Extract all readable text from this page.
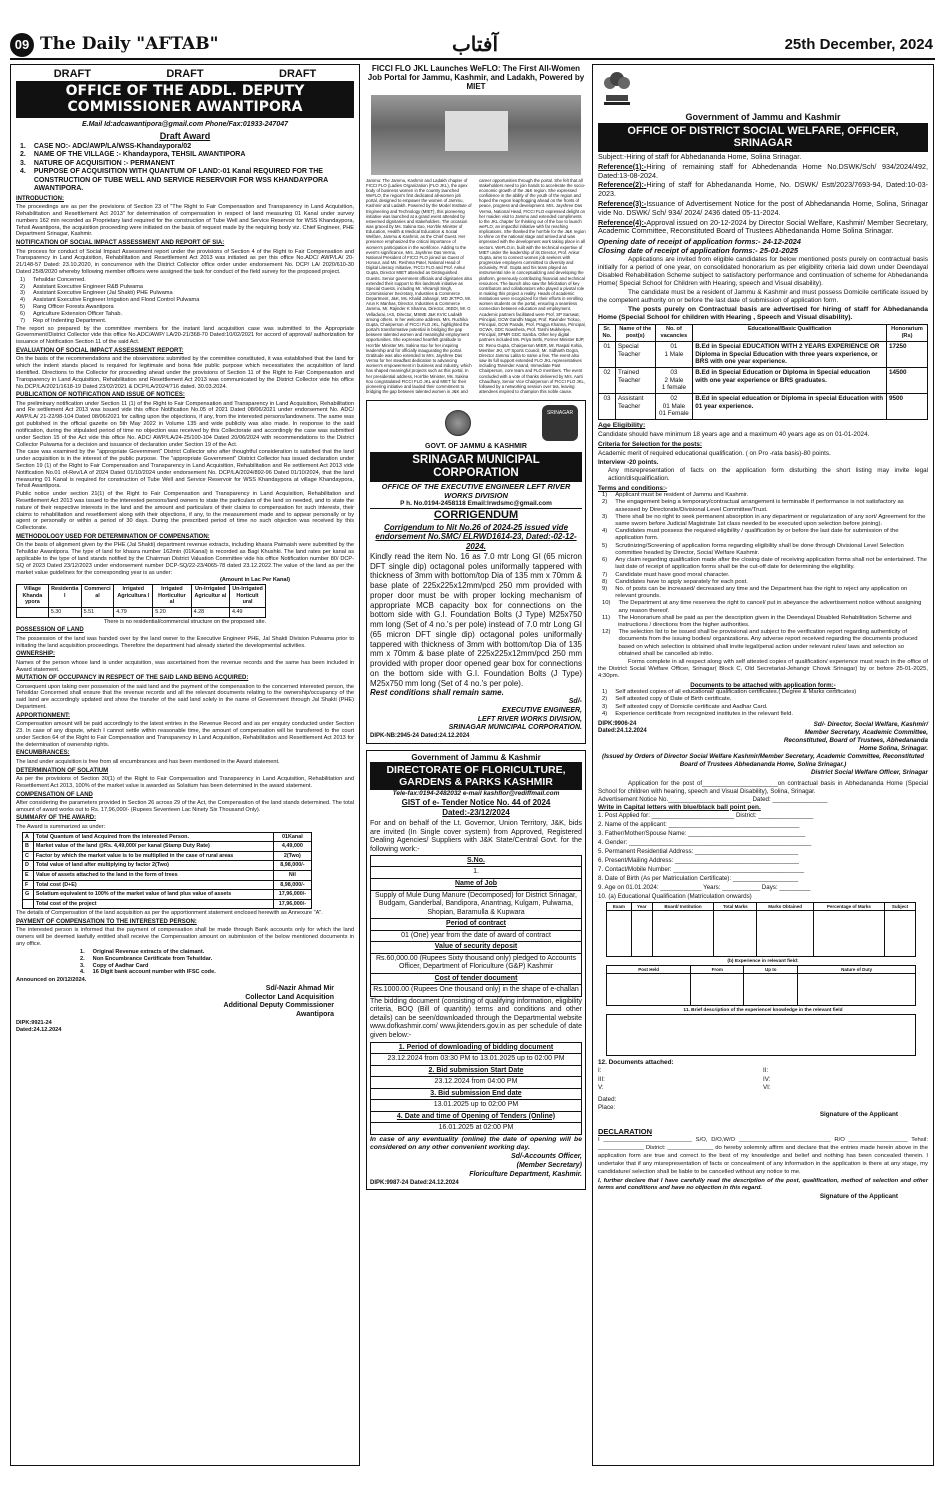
09 The Daily "AFTAB"	آفتاب	25th December, 2024
DRAFT	DRAFT	DRAFT
OFFICE OF THE ADDL. DEPUTY COMMISSIONER AWANTIPORA
E.Mail Id:adcawantipora@gmail.com Phone/Fax:01933-247047
Draft Award
1. CASE NO:- ADC/AWP/LA/WSS-Khandaypora/02
2. NAME OF THE VILLAGE :- Khandaypora, TEHSIL AWANTIPORA
3. NATURE OF ACQUISITION :- PERMANENT
4. PURPOSE OF ACQUISITION WITH QUANTUM OF LAND:-01 Kanal REQUIRED FOR THE CONSTRUCTION OF TUBE WELL AND SERVICE RESERVOIR FOR WSS KHANDAYPORA AWANTIPORA.
INTRODUCTION:

The proceedings are as per the provisions of Section 23 of "The Right to Fair Compensation and Transparency in Land Acquisition, Rehabilitation and Resettlement Act 2013" for determination of compensation in respect of land measuring 01 Kanal under survey numbers 162 min recorded as Proprietary land required for the construction of Tube Well and Service Reservoir for WSS Khandaypora, Tehsil Awantipora, the acquisition proceeding were initiated on the basis of request made by the requiring body viz. Chief Engineer, PHE Department Srinagar, Kashmir.

NOTIFICATION OF SOCIAL IMPACT ASSESSMENT AND REPORT OF SIA:

The process for conduct of Social Impact Assessment report under the provisions of Section 4 of the Right to Fair Compensation and Transparency in Land Acquisition, Rehabilitation and Resettlement Act 2013 was initiated as per this office No.ADC/ AWP/LA/ 20-21/148-57 Dated: 23.10.2020, in concurrence with the District Collector office order under endorsement No. DCP/ LA/ 2020/610-30 Dated 25/8/2020 whereby following member officers were assigned the task for conduct of the field survey for the proposed project.

1) Tehsildar Concerned.
2) Assistant Executive Engineer R&B Pulwama
3) Assistant Executive Engineer (Jal Shakti) PHE Pulwama
4) Assistant Executive Engineer Irrigation and Flood Control Pulwama
5) Rang Officer Forests Awantipora
6) Agriculture Extension Officer Tahab.
7) Rep of Indenting Department.

The report so prepared by the committee members for the instant land acquisition case was submitted to the Appropriate Government/District Collector vide this office No.ADC/AWP/ LA/20-21/368-70 Dated:10/02/2021 for accord of approval/ authorization for issuance of Notification Section 11 of the said Act.

EVALUATION OF SOCIAL IMPACT ASSESSMENT REPORT:

On the basis of the recommendations and the observations submitted by the committee constituted, it was established that the land for which the indent stands placed is required for legitimate and bona fide public purpose which necessitates the acquisition of land identified. Directions to the Collector for proceeding ahead under the provisions of Section 11 of the Right to Fair Compensation and Transparency in Land Acquisition, Rehabilitation and Resettlement Act 2013 was communicated by the District Collector vide his office No.DCP/LA/2021/1618-19 Dated 23/02/2021 & DCP/LA/2024/716 dated. 30.03.2024.

PUBLICATION OF NOTIFICATION AND ISSUE OF NOTICES:

The preliminary notification under Section 11 (1) of the Right to Fair Compensation and Transparency in Land Acquisition, Rehabilitation and Re settlement Act 2013 was issued vide this office Notification No.05 of 2021 Dated 08/06/2021 under endorsement No. ADC/ AWP/LA/ 21-22/98-104 Dated 08/06/2021 for calling upon the objections, if any, from the interested persons/landowners. The same was got published in the official gazette on 5th May 2022 in Volume 135 and wide publicity was also made. In response to the said notification, during the stipulated period of time no objection was received by this Collectorate and accordingly the case was submitted under Section 15 of the Act vide this office No. ADC/ AWP/LA/24-25/100-104 Dated 20/06/2024 with recommendations to the District Collector Pulwama for a decision and issuance of declaration under Section 19 of the Act.

The case was examined by the "appropriate Government" District Collector who after thoughtful consideration is satisfied that the land under acquisition is in the interest of the public purpose. The "appropriate Government" District Collector has issued declaration under Section 19 (1) of the Right to Fair Compensation and Transparency in Land Acquisition, Rehabilitation and Re settlement Act 2013 vide Notification No.01 of-Rev/LA of 2024 Dated 01/10/2024 under endorsement No. DCP/LA/2024/892-96 Dated 01/10/2024, that the land measuring 01 Kanal is required for construction of Tube Well and Service Reservoir for WSS Khandaypora at village Khandaypora, Tehsil Awantipora.

Public notice under section 21(1) of the Right to Fair Compensation and Transparency in Land Acquisition, Rehabilitation and Resettlement Act 2013 was issued to the interested persons/land owners to state the particulars of the land so needed, and to state the nature of their respective interests in the land and the amount and particulars of their claims to compensation for such interests, their claims to rehabilitation and resettlement along with their objections, if any, to the measurement made and to appear personally or by agent or personally or within a period of 30 days. During the prescribed period of time no such objection was received by this Collectorate.

METHODOLOGY USED FOR DETERMINATION OF COMPENSATION:

On the basis of alignment given by the PHE (Jal Shakti) department revenue extracts, including khasra Paimaish were submitted by the Tehsildar Awantipora. The type of land for khasra number 162min (01Kanal) is recorded as Bagi Khushki. The land rates per kanal as applicable to the type of land stands notified by the Chairman District Valuation Committee vide his office Notification number 80/ DCP-SQ of 2023 Dated 23/12/2023 under endorsement number DCP-SQ/22-23/4065-78 dated 23.12.2022.The value of the land as per the market value guidelines for the corresponding year is as under:

(Amount in Lac Per Kanal)
Village Khanda ypora	Residentia l	Commerci al	Irrigated Agricultura l	Irrigated Horticultur al	Un-Irrigated Agricultur al	Un-Irrigated Horticult ural
	5.30	5.51	4.79	5.20	4.28	4.49

There is no residential/commercial structure on the proposed site.

POSSESSION OF LAND

The possession of the land was handed over by the land owner to the Executive Engineer PHE, Jal Shakti Division Pulwama prior to initiating the land acquisition proceedings. Therefore the department had already started the developmental activities.

OWNERSHIP:

Names of the person whose land is under acquisition, was ascertained from the revenue records and the same has been included in Award statement.

MUTATION OF OCCUPANCY IN RESPECT OF THE SAID LAND BEING ACQUIRED:

Consequent upon taking over possession of the said land and the payment of the compensation to the concerned interested person, the Tehsildar Concerned shall ensure that the revenue records and all the relevant documents relating to the ownership/occupancy of the said land are accordingly updated and show the transfer of the said land solely in the name of Government through Jal Shakti (PHE) Department.

APPORTIONMENT:

Compensation amount will be paid accordingly to the latest entries in the Revenue Record and as per enquiry conducted under Section 23. In case of any dispute, which I cannot settle within reasonable time, the amount of compensation will be transferred to the court under Section 64 of the Right to Fair Compensation and Transparency in Land Acquisition, Rehabilitation and Resettlement Act 2013 for the determination of ownership rights.

ENCUMBRANCES:

The land under acquisition is free from all encumbrances and has been mentioned in the Award statement.

DETERMINATION OF SOLATIUM

As per the provisions of Section 30(1) of the Right to Fair Compensation and Transparency in Land Acquisition, Rehabilitation and Resettlement Act 2013, 100% of the market value is awarded as Solatium has been determined in the award statement.

COMPENSATION OF LAND

After considering the parameters provided in Section 26 across 29 of the Act, the Compensation of the land stands determined. The total amount of award works out to Rs. 17,96,000/- (Rupees Seventeen Lac Ninety Six Thousand Only).

SUMMARY OF THE AWARD:

The Award is summarized as under:

A	Total Quantum of land Acquired from the interested Person.	01Kanal
B	Market value of the land @Rs. 4,49,000/ per kanal (Stamp Duty Rate)	4,49,000
C	Factor by which the market value is to be multiplied in the case of rural areas	2(Two)
D	Total value of land after multiplying by factor 2(Two)	8,98,000/-
E	Value of assets attached to the land in the form of trees	Nil
F	Total cost (D+E)	8,98,000/-
G	Solatium equivalent to 100% of the market value of land plus value of assets	17,96,000/-
	Total cost of the project	17,96,000/-

The details of Compensation of the land acquisition as per the apportionment statement enclosed herewith as Annexure "A".

PAYMENT OF COMPENSATION TO THE INTERESTED PERSON:

The interested person is informed that the payment of compensation shall be made through Bank accounts only for which the land owners will be deemed lawfully entitled shall receive the Compensation amount on submission of the below mentioned documents in any office.

1. Original Revenue extracts of the claimant.
2. Non Encumbrance Certificate from Tehsildar.
3. Copy of Aadhar Card
4. 16 Digit bank account number with IFSC code.

Announced on 20/12/2024.

Sd/-Nazir Ahmad Mir
Collector Land Acquisition
Additional Deputy Commissioner
Awantipora
DIPK:9921-24
Dated:24.12.2024
FICCI FLO JKL Launches WeFLO: The First All-Women Job Portal for Jammu, Kashmir, and Ladakh, Powered by MIET
Jammu: The Jammu, Kashmir and Ladakh chapter of FICCI FLO (Ladies Organization (FLO JKL), the apex body of business women in the country launched WeFLO, the region's first dedicated all-women job portal, designed to empower the women of Jammu, Kashmir and Ladakh. Powered by the Model Institute of Engineering and Technology (MIET), this pioneering initiative was launched at a grand event attended by esteemed dignitaries and stakeholders. The occasion was graced by Ms. Sakina Itoo, Hon'ble Minister of Education, Health & Medical Education & Social Welfare, Jammu & Kashmir, as the Chief Guest. Her presence emphasized the critical importance of women's participation in the workforce. Adding to the event's significance, Mrs. Jayshree Das Verma, National President of FICCI FLO joined as Guest of Honour, and Ms. Reshma Patel, National Head of Digital Literacy Initiative, FICCI FLO and Prof. Ankur Gupta, Director MIET attended as Distinguished Guests. Senior government officials and dignitaries also extended their support to this landmark initiative as Special Guests, including Mr. Vikramjit Singh, Commissioner Secretary, Industries & Commerce Department, J&K, Ms. Khalid Jahangir, MD JKTPO, Mr. Arun K Manhas, Director, Industries & Commerce Jammu, Mr. Rajinder K Sharma, Director, JKEDI, Mr. G Velladurai, IAS, Director, MSME J&K KVIC Ladakh among others. In her welcome address, Mrs. Ruchika Gupta, Chairperson of FICCI FLO JKL, highlighted the portal's transformative potential in bridging the gap between talented women and meaningful employment opportunities. She expressed heartfelt gratitude to Hon'ble Minister Ms. Sakina Itoo for her inspiring leadership and for officially inaugurating the portal. Gratitude was also extended to Mrs. Jayshree Das Verma for her steadfast dedication to advancing women's empowerment in business and industry, which has shaped meaningful projects such as this portal. In her presidential address, Hon'ble Minister, Ms. Sakina Itoo congratulated FICCI FLO JKL and MIET for their pioneering initiative and lauded their commitment to bridging the gap between talented women in J&K and career opportunities through the portal. She felt that all stakeholders need to join hands to accelerate the socio-economic growth of the J&K region. She expressed confidence in the ability of the youth of the region and hoped the region leapfrogging ahead on the fronts of peace, progress and development. Mrs. Jayshree Das Verma, National Head, FICCI FLO expressed delight on her maiden visit to Jammu and extended compliments to the JKL chapter for thinking out of the box to launch weFLO, an impactful initiative with far reaching implications. She thanked the hon'ble for the J&K region to shine on the national stage and arrived and was impressed with the development work taking place in all sectors. WeFLO.in, built with the technical expertise of MIET under the leadership of its Director, Prof. Ankur Gupta, aims to connect women job seekers with progressive employers committed to diversity and inclusivity. Prof. Gupta and his team played an instrumental role in conceptualizing and developing the platform, generously contributing financial and technical resources. The launch also saw the felicitation of key contributors and collaborators who played a pivotal role in making this project a reality. Heads of academic institutions were recognized for their efforts in enrolling women students on the portal, ensuring a seamless connection between education and employment. Academic partners facilitated were Prof. SP Sarswat, Principal, GCW Gandhi Nagar, Prof. Ravinder Tickoo, Principal, GCW Parade, Prof. Pragya Khanna, Principal, GCWA, GDC Nowshera, Prof. Tarshi Mukherjee, Principal, SPMR GDC Samba. Other key digital partners included Ms. Priya Sethi, Former Minister BJP, Dr. Renu Gupta, Chairperson MIER, Mr. Raspal Kohia, Member JKI, UT Sports Council, Mr. Sidharth Dogra, Director Jammu Lalita to name a few. The event also saw its full support extended FLO JKL representatives including Tarvinder Anand, Immediate Past Chairperson, core team and FLO members. The event concluded with a vote of thanks delivered by Mrs. Aarti Chaudhary, Senior Vice Chairperson of FICCI FLO JKL, followed by a networking session over tea, leaving attendees inspired to champion this noble cause.
SRINAGAR
GOVT. OF JAMMU & KASHMIR
SRINAGAR MUNICIPAL CORPORATION
OFFICE OF THE EXECUTIVE ENGINEER LEFT RIVER WORKS DIVISION
P h. No.0194-2458118 Email:lrwdsmc@gmail.com
CORRIGENDUM
Corrigendum to Nit No.26 of 2024-25 issued vide endorsement No.SMC/ ELRWD1614-23, Dated:-02-12-2024.
Kindly read the item No. 16 as 7.0 mtr Long GI (65 micron DFT single dip) octagonal poles uniformally tappered with thickness of 3mm with bottom/top Dia of 135 mm x 70mm & base plate of 225x225x12mm/pcd 250 mm provided with proper door must be with proper locking mechanism of appropriate MCB capacity box for connections on the bottom side with G.I. Foundation Bolts (J Type) M25x750 mm long (Set of 4 no.'s per pole) instead of 7.0 mtr Long GI (65 micron DFT single dip) octagonal poles uniformally tappered with thickness of 3mm with bottom/top Dia of 135 mm x 70mm & base plate of 225x225x12mm/pcd 250 mm provided with proper door opened gear box for connections on the bottom side with G.I. Foundation Bolts (J Type) M25x750 mm long (Set of 4 no.'s per pole).
Rest conditions shall remain same.
Sd/-
EXECUTIVE ENGINEER,
LEFT RIVER WORKS DIVISION,
SRINAGAR MUNICIPAL CORPORATION.
DIPK-NB:2945-24 Dated:24.12.2024
Government of Jammu & Kashmir
DIRECTORATE OF FLORICULTURE, GARDENS & PARKS KASHMIR
Tele-fax:0194-2482032 e-mail kashflor@rediffmail.com
GIST of e- Tender Notice No. 44 of 2024 Dated:-23/12/2024

For and on behalf of the Lt. Governor, Union Territory, J&K, bids are invited (In Single cover system) from Approved, Registered Dealing Agencies/ Suppliers with J&K State/Central Govt. for the following work:-

S.No.
1.
Name of Job
Supply of Mule Dung Manure (Decomposed) for District Srinagar, Budgam, Ganderbal, Bandipora, Anantnag, Kulgam, Pulwama, Shopian, Baramulla & Kupwara
Period of contract
01 (One) year from the date of award of contract
Value of security deposit
Rs.60,000.00 (Rupees Sixty thousand only) pledged to Accounts Officer, Department of Floriculture (G&P) Kashmir
Cost of tender document
Rs.1000.00 (Rupees One thousand only) in the shape of e-challan

The bidding document (consisting of qualifying information, eligibility criteria, BOQ (Bill of quantity) terms and conditions and other details) can be seen/downloaded through the Departmental website www.dofkashmir.com/ www.jktenders.gov.in as per schedule of date given below:-

1. Period of downloading of bidding document
23.12.2024 from 03:30 PM to 13.01.2025 up to 02:00 PM
2. Bid submission Start Date
23.12.2024 from 04:00 PM
3. Bid submission End date
13.01.2025 up to 02:00 PM
4. Date and time of Opening of Tenders (Online)
16.01.2025 at 02:00 PM

In case of any eventuality (online) the date of opening will be considered on any other convenient working day.

Sd/-Accounts Officer,
(Member Secretary)
Floriculture Department, Kashmir.
DIPK:9987-24 Dated:24.12.2024
Government of Jammu and Kashmir
OFFICE OF DISTRICT SOCIAL WELFARE, OFFICER, SRINAGAR

Subject:-Hiring of staff for Abhedananda Home, Solina Srinagar.

Reference(1):-Hiring of remaining staff for Abhedenanda Home No.DSWK/Sch/ 934/2024/492, Dated:13-08-2024.

Reference(2):-Hiring of staff for Abhedananda Home, No. DSWK/ Estt/2023/7693-94, Dated:10-03-2023.

Reference(3):-Issuance of Advertisement Notice for the post of Abhedananda Home, Solina, Srinagar vide No. DSWK/ Sch/ 934/ 2024/ 2436 dated 05-11-2024.

Reference(4):-Approval issued on 20-12-2024 by Director Social Welfare, Kashmir/ Member Secretary, Academic Committee, Reconstituted Board of Trustees Abhedananda Home Solina Srinagar.

Opening date of receipt of application forms:- 24-12-2024
Closing date of receipt of application forms:- 25-01-2025

Applications are invited from eligible candidates for below mentioned posts purely on contractual basis initially for a period of one year, on consolidated honorarium as per eligibility criteria laid down under Deendayal Disabled Rehabilitation Scheme subject to satisfactory performance and continuation of scheme for Abhedananda Home( Special School for Children with Hearing, speech and Visual disability).

The candidate must be a resident of Jammu & Kashmir and must possess Domicile certificate issued by the competent authority on or before the last date of submission of application form.

The posts purely on Contractual basis are advertised for hiring of staff for Abhedananda Home (Special School for children with Hearing , Speech and Visual disability).

Sr. No.	Name of the post(s)	No. of vacancies	Educational/Basic Qualification	Honorarium (Rs)
01	Special Teacher	01
1 Male	B.Ed in Special EDUCATION WITH 2 YEARS EXPERIENCE OR Diploma in Special Education with three years experience, or BRS with one year experience.	17250
02	Trained Teacher	03
2 Male
1 female	B.Ed in Special Education or Diploma in Special education with one year experience or BRS graduates.	14500
03	Assistant Teacher	02
01 Male
01 Female	B.Ed in special education or Diploma in special Education with 01 year experience.	9500
Age Eligibility:

Candidate should have minimum 18 years age and a maximum 40 years age as on 01-01-2024.

Criteria for Selection for the posts:

Academic merit of required educational qualification. ( on Pro -rata basis)-80 points.

Interview -20 points.

Any misrepresentation of facts on the application form disturbing the short listing may invite legal action/disqualification.

Terms and conditions:-
1) Applicant must be resident of Jammu and Kashmir.
2) The engagement being a temporary/contractual arrangement is terminable if performance is not satisfactory as assessed by Directorate/Divisional Level Committee/Trust.
3) There shall be no right to seek permanent absorption in any department or regularization of any sort/ Agreement for the same sworn before Judicial Magistrate 1st class needed to be executed upon selection before joining).
4) Candidates must possess the required eligibility / qualification by or before the last date for submission of the application form.
5) Scrutinizing/Screening of application forms regarding eligibility shall be done through Divisional Level Selection committee headed by Director, Social Welfare Kashmir.
6) Any claim regarding qualification made after the closing date of receiving application forms shall not be entertained. The last date of receipt of application forms shall be the cut-off date for determining the eligibility.
7) Candidate must have good moral character.
8) Candidates have to apply separately for each post.
9) No. of posts can be increased/ decreased any time and the Department has the right to reject any application on relevant grounds.
10) The Department at any time reserves the right to cancel/ put in abeyance the advertisement notice without assigning any reason thereof.
11) The Honorarium shall be paid as per the description given in the Deendayal Disabled Rehabilitation Scheme and instructions / directions from the higher authorities.
12) The selection list to be issued shall be provisional and subject to the verification report regarding authenticity of documents from the issuing bodies/ organizations. Any adverse report received regarding the documents produced based on which selection is obtained shall invite legal/penal action under relevant rules/ laws and selection so obtained shall be cancelled ab initio.

Forms complete in all respect along with self attested copies of qualification/ experience must reach in the office of the District Social Welfare Officer, Srinagar( Block C, Old Secretariat-Jehangir Chowk Srinagar) by or before 25-01-2025, 4:30pm.

Documents to be attached with application form:-
1) Self attested copies of all educational/ qualification certificates.( Degree & Marks certificates)
2) Self attested copy of Date of Birth certificate.
3) Self attested copy of Domicile certificate and Aadhar Card.
4) Experience certificate from recognized institutes in the relevant field.
DIPK:9906-24
Dated:24.12.2024
Sd/- Director, Social Welfare, Kashmir/
Member Secretary, Academic Committee,
Reconstituted, Board of Trustees, Abhedananda
Home Solina, Srinagar.

(Issued by Orders of Director Social Welfare Kashmir/Member Secretary, Academic Committee, Reconstituted Board of Trustees Abhedananda Home, Solina Srinagar.)

District Social Welfare Officer, Srinagar

Application for the post of______________________on contractual basis in Abhedananda Home (Special School for children with hearing, speech and Visual Disability), Solina, Srinagar.

Advertisement Notice No.________________________ Dated: ________________
Write in Capital letters with blue/black ball point pen.
1. Post Applied for: ________________________ District: ________________
2. Name of the applicant: ______________________________________
3. Father/Mother/Spouse Name: __________________________________
4. Gender: _____________________________________________________
5. Permanent Residential Address: ______________________________
6. Present/Mailing Address: ____________________________________
7. Contact/Mobile Number: ______________________________________
8. Date of Birth (As per Matriculation Certificate): ___________________
9. Age on 01.01.2024: ____________ Years: ___________ Days: _________
10. (a) Educational Qualification (Matriculation onwards)
Exam	Year	Board/ Institution	Total Marks	Marks Obtained	Percentage of Marks	Subject

(b) Experience in relevant field:
Post Held	From	Up to	Nature of Duty

11. Brief description of the experience/ knowledge in the relevant field
12. Documents attached:
I:	II:
III:	IV:
V:	VI:
Dated:
Place:
Signature of the Applicant
DECLARATION

I ___________________________ S/O, D/O,W/O ____________________________ R/O __________________ Tehsil: ______________ District: ______________ do hereby solemnly affirm and declare that the entries made herein above in the application form are true and correct to the best of my knowledge and belief and nothing has been concealed therein. I undertake that if any misrepresentation of facts or concealment of any information in the application is there at any stage, my candidature/ selection shall be liable to be cancelled without any notice to me.

I, further declare that I have carefully read the description of the post, qualification, method of selection and other terms and conditions and have no objection in this regard.

Signature of the Applicant
